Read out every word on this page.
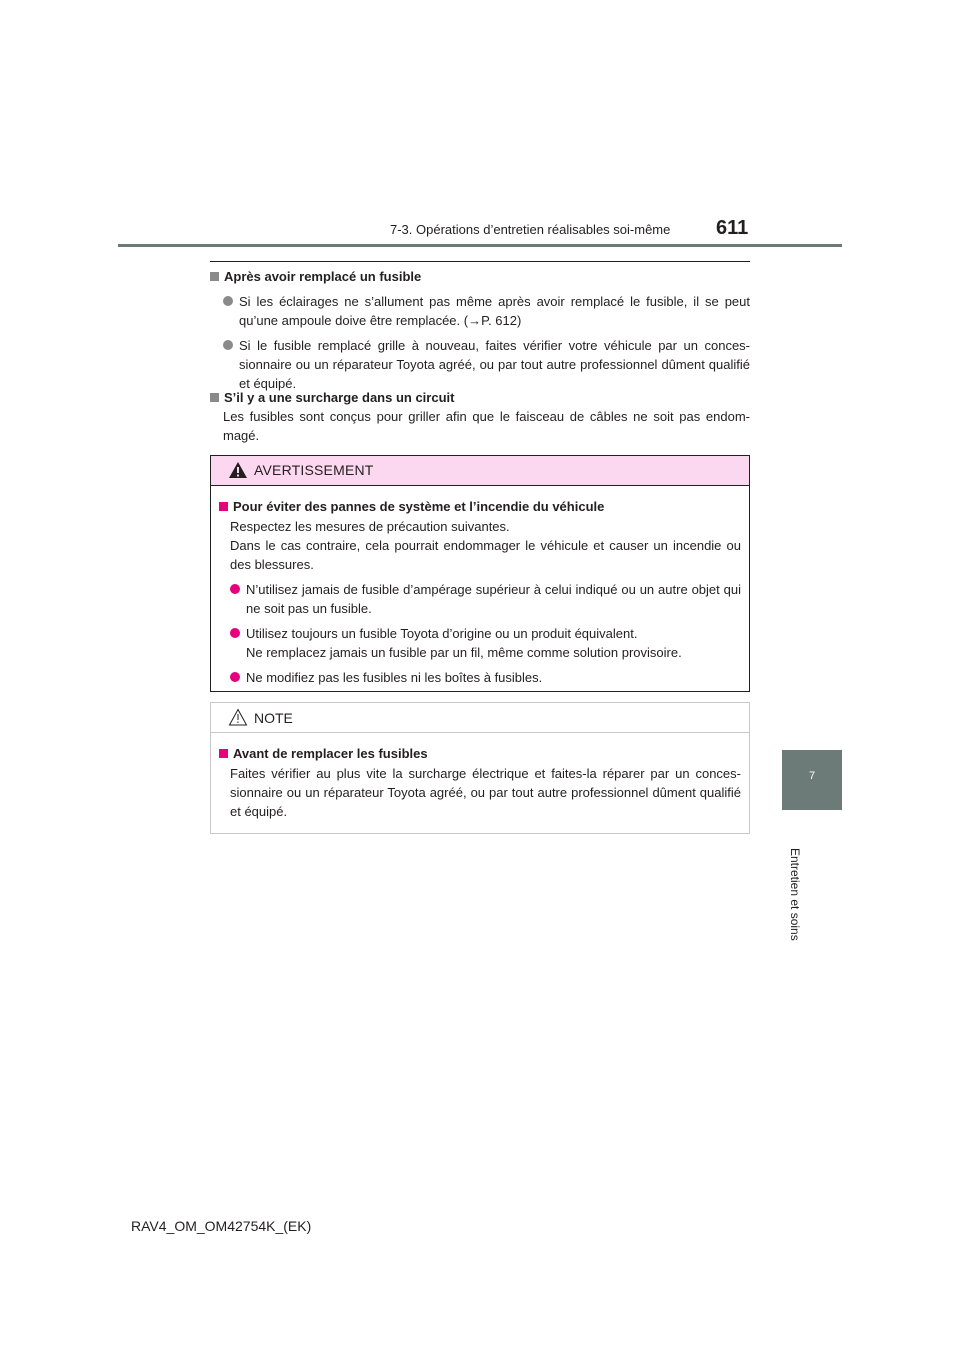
7-3. Opérations d’entretien réalisables soi-même 611
7
Entretien et soins
Après avoir remplacé un fusible
Si les éclairages ne s’allument pas même après avoir remplacé le fusible, il se peut qu’une ampoule doive être remplacée. (→P. 612)
Si le fusible remplacé grille à nouveau, faites vérifier votre véhicule par un conces-sionnaire ou un réparateur Toyota agréé, ou par tout autre professionnel dûment qualifié et équipé.
S’il y a une surcharge dans un circuit
Les fusibles sont conçus pour griller afin que le faisceau de câbles ne soit pas endom-magé.
AVERTISSEMENT
Pour éviter des pannes de système et l’incendie du véhicule
Respectez les mesures de précaution suivantes.
Dans le cas contraire, cela pourrait endommager le véhicule et causer un incendie ou des blessures.
N’utilisez jamais de fusible d’ampérage supérieur à celui indiqué ou un autre objet qui ne soit pas un fusible.
Utilisez toujours un fusible Toyota d’origine ou un produit équivalent.
Ne remplacez jamais un fusible par un fil, même comme solution provisoire.
Ne modifiez pas les fusibles ni les boîtes à fusibles.
NOTE
Avant de remplacer les fusibles
Faites vérifier au plus vite la surcharge électrique et faites-la réparer par un conces-sionnaire ou un réparateur Toyota agréé, ou par tout autre professionnel dûment qualifié et équipé.
RAV4_OM_OM42754K_(EK)
